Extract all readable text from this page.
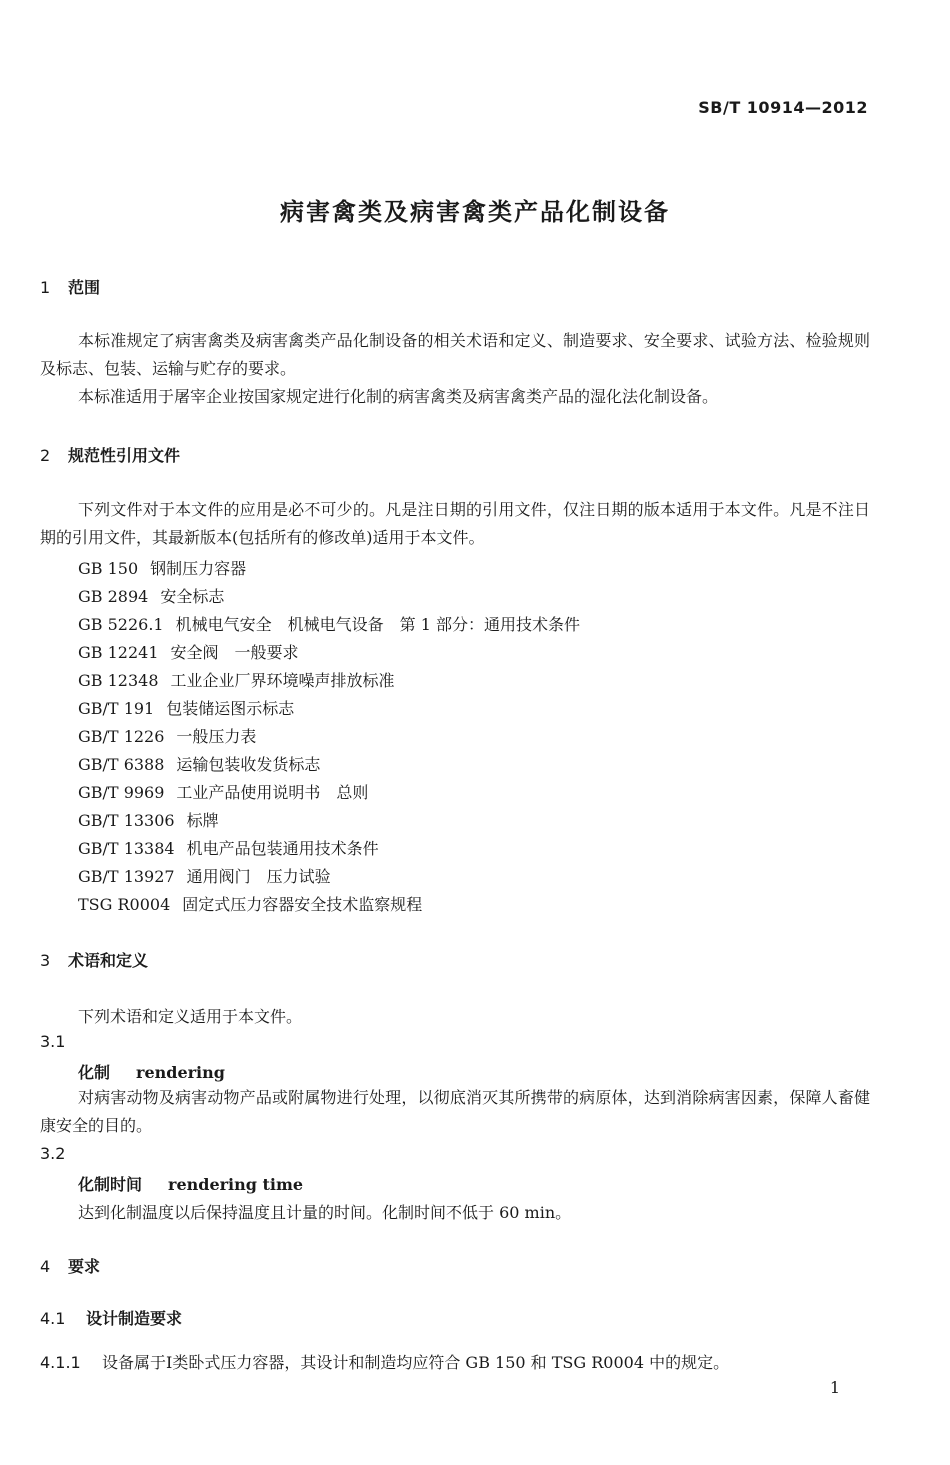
SB/T 10914—2012
病害禽类及病害禽类产品化制设备
1 范围
本标准规定了病害禽类及病害禽类产品化制设备的相关术语和定义、制造要求、安全要求、试验方法、检验规则及标志、包装、运输与贮存的要求。
本标准适用于屠宰企业按国家规定进行化制的病害禽类及病害禽类产品的湿化法化制设备。
2 规范性引用文件
下列文件对于本文件的应用是必不可少的。凡是注日期的引用文件，仅注日期的版本适用于本文件。凡是不注日期的引用文件，其最新版本(包括所有的修改单)适用于本文件。
GB 150 钢制压力容器
GB 2894 安全标志
GB 5226.1 机械电气安全　机械电气设备　第 1 部分：通用技术条件
GB 12241 安全阀　一般要求
GB 12348 工业企业厂界环境噪声排放标准
GB/T 191 包装储运图示标志
GB/T 1226 一般压力表
GB/T 6388 运输包装收发货标志
GB/T 9969 工业产品使用说明书　总则
GB/T 13306 标牌
GB/T 13384 机电产品包装通用技术条件
GB/T 13927 通用阀门　压力试验
TSG R0004 固定式压力容器安全技术监察规程
3 术语和定义
下列术语和定义适用于本文件。
3.1
化制 rendering
对病害动物及病害动物产品或附属物进行处理，以彻底消灭其所携带的病原体，达到消除病害因素，保障人畜健康安全的目的。
3.2
化制时间 rendering time
达到化制温度以后保持温度且计量的时间。化制时间不低于 60 min。
4 要求
4.1 设计制造要求
4.1.1 设备属于Ⅰ类卧式压力容器，其设计和制造均应符合 GB 150 和 TSG R0004 中的规定。
1
